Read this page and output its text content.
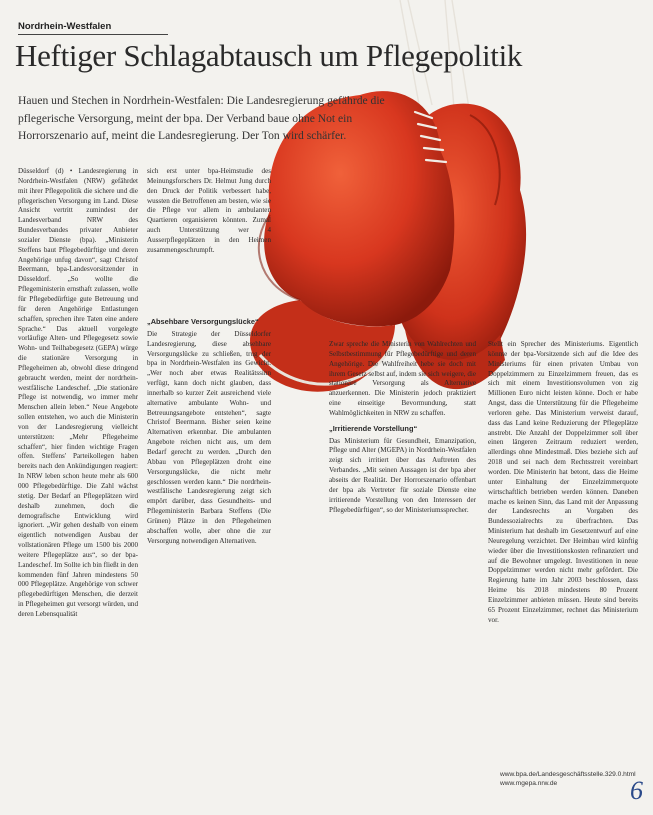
Nordrhein-Westfalen
Heftiger Schlagabtausch um Pflegepolitik
Hauen und Stechen in Nordrhein-Westfalen: Die Landesregierung gefährde die pflegerische Versorgung, meint der bpa. Der Verband baue ohne Not ein Horrorszenario auf, meint die Landesregierung. Der Ton wird schärfer.

Düsseldorf (d) • Landesregierung in Nordrhein-Westfalen (NRW) gefährdet mit ihrer Pflegepolitik die sichere und die pflegerischen Versorgung im Land. Diese Ansicht vertritt zumindest der Landesverband NRW des Bundesverbandes privater Anbieter sozialer Dienste (bpa). „Ministerin Steffens baut Pflegebedürftige und deren Angehörige unfug davon“, sagt Christof Beermann, bpa-Landesvorsitzender in Düsseldorf. „So wollte die Pflegeministerin ernsthaft zulassen, wolle für Pflegebedürftige gute Betreuung und für deren Angehörige Entlastungen schaffen, sprechen ihre Taten eine andere Sprache.“ Das aktuell vorgelegte vorläufige Alten- und Pflegegesetz sowie Wohn- und Teilhabegesetz (GEPA) würge die stationäre Versorgung in Pflegeheimen ab, obwohl diese dringend gebraucht werden, meint der nordrhein-westfälische Landeschef. „Die stationäre Pflege ist notwendig, wo immer mehr Menschen allein leben.“ Neue Angebote sollen entstehen, wo auch die Ministerin von der Landesregierung vielleicht unterstützen: „Mehr Pflegeheime schaffen“, hier finden wichtige Fragen offen. Steffens' Parteikollegen haben bereits nach den Ankündigungen reagiert: In NRW leben schon heute mehr als 600 000 Pflegebedürftige. Die Zahl wächst stetig. Der Bedarf an Pflegeplätzen wird deshalb zunehmen, doch die demografische Entwicklung wird ignoriert. „Wir gehen deshalb von einem eigentlich notwendigen Ausbau der vollstationären Pflege um 1500 bis 2000 weitere Pflegeplätze aus“, so der bpa-Landeschef. Im Sollte ich bin fließt in den kommenden fünf Jahren mindestens 50 000 Pflegeplätze. Angehörige von schwer pflegebedürftigen Menschen, die derzeit in Pflegeheimen gut versorgt würden, und deren Lebensqualität

sich erst unter bpa-Heimstudie des Meinungsforschers Dr. Helmut Jung durch den Druck der Politik verbessert habe, wussten die Betroffenen am besten, wie sie die Pflege vor allem in ambulanten Quartieren organisieren könnten. Zumal auch Unterstützung wer 4 Ausserpflegeplätzen in den Heimen zusammengeschrumpft.

„Absehbare Versorgungslücke“

Die Strategie der Düsseldorfer Landesregierung, diese absehbare Versorgungslücke zu schließen, trug der bpa in Nordrhein-Westfalen ins Gewicht. „Wer noch aber etwas Realitätssinn verfügt, kann doch nicht glauben, dass innerhalb so kurzer Zeit ausreichend viele alternative ambulante Wohn- und Betreuungsangebote entstehen“, sagte Christof Beermann. Bisher seien keine Alternativen erkennbar. Die ambulanten Angebote reichen nicht aus, um dem Bedarf gerecht zu werden. „Durch den Abbau von Pflegeplätzen droht eine Versorgungslücke, die nicht mehr geschlossen werden kann.“ Die nordrhein-westfälische Landesregierung zeigt sich empört darüber, dass Gesundheits- und Pflegeministerin Barbara Steffens (Die Grünen) Plätze in den Pflegeheimen abschaffen wolle, aber ohne die zur Versorgung notwendigen Alternativen.

Zwar spreche die Ministerin von Wahlrechten und Selbstbestimmung für Pflegebedürftige und deren Angehörige. Die Wahlfreiheit hebe sie doch mit ihrem Gesetz selbst auf, indem sie sich weigere, die stationäre Versorgung als Alternative anzuerkennen. Die Ministerin jedoch praktiziert eine einseitige Bevormundung, statt Wahlmöglichkeiten in NRW zu schaffen.

„Irritierende Vorstellung“

Das Ministerium für Gesundheit, Emanzipation, Pflege und Alter (MGEPA) in Nordrhein-Westfalen zeigt sich irritiert über das Auftreten des Verbandes. „Mit seinen Aussagen ist der bpa aber abseits der Realität. Der Horrorszenario offenbart der bpa als Vertreter für soziale Dienste eine irritierende Vorstellung von den Interessen der Pflegebedürftigen“, so der Ministeriumssprecher.

Stellt ein Sprecher des Ministeriums. Eigentlich könnte der bpa-Vorsitzende sich auf die Idee des Ministeriums für einen privaten Umbau von Doppelzimmern zu Einzelzimmern freuen, das es sich mit einem Investitionsvolumen von zig Millionen Euro nicht leisten könne. Doch er habe Angst, dass die Unterstützung für die Pflegeheime verloren gehe. Das Ministerium verweist darauf, dass das Land keine Reduzierung der Pflegeplätze anstrebt. Die Anzahl der Doppelzimmer soll über einen längeren Zeitraum reduziert werden, allerdings ohne Mindestmaß. Dies beziehe sich auf 2018 und sei nach dem Rechtsstreit vereinbart worden. Die Ministerin hat betont, dass die Heime unter Einhaltung der Einzelzimmerquote wirtschaftlich betrieben werden können. Daneben mache es keinen Sinn, das Land mit der Anpassung der Landesrechts an Vorgaben des Bundessozialrechts zu überfrachten. Das Ministerium hat deshalb im Gesetzentwurf auf eine Neuregelung verzichtet. Der Heimbau wird künftig wieder über die Investitionskosten refinanziert und auf die Bewohner umgelegt. Investitionen in neue Doppelzimmer werden nicht mehr gefördert. Die Regierung hatte im Jahr 2003 beschlossen, dass Heime bis 2018 mindestens 80 Prozent Einzelzimmer anbieten müssen. Heute sind bereits 65 Prozent Einzelzimmer, rechnet das Ministerium vor.

www.bpa.de/Landesgeschäftsstelle.329.0.html
www.mgepa.nrw.de	6
